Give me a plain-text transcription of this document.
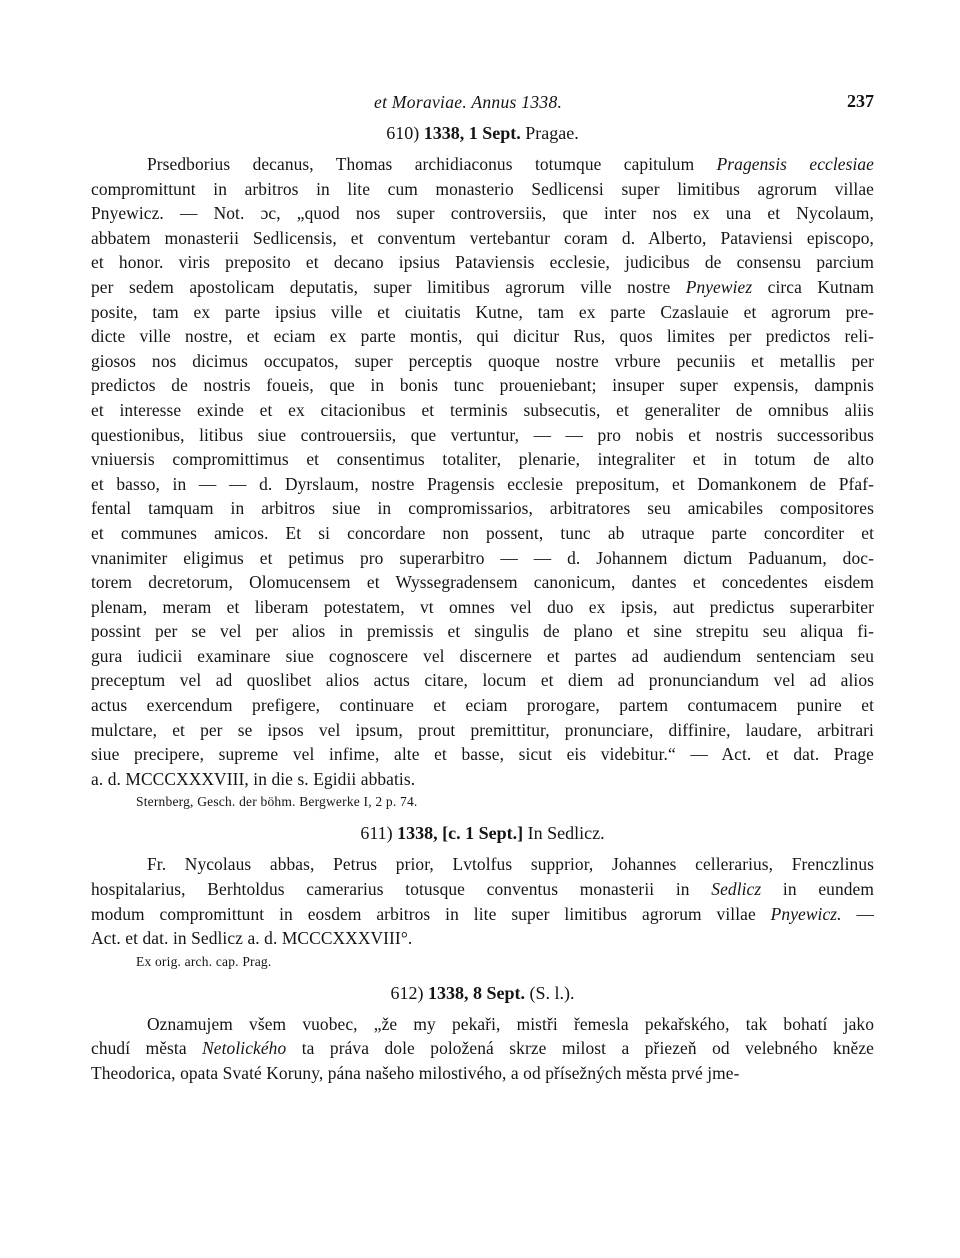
et Moraviae. Annus 1338.	237
610) 1338, 1 Sept. Pragae.
Prsedborius decanus, Thomas archidiaconus totumque capitulum Pragensis ecclesiae
compromittunt in arbitros in lite cum monasterio Sedlicensi super limitibus agrorum villae
Pnyewicz. — Not. ɔc, „quod nos super controversiis, que inter nos ex una et Nycolaum,
abbatem monasterii Sedlicensis, et conventum vertebantur coram d. Alberto, Pataviensi episcopo,
et honor. viris preposito et decano ipsius Pataviensis ecclesie, judicibus de consensu parcium
per sedem apostolicam deputatis, super limitibus agrorum ville nostre Pnyewiez circa Kutnam
posite, tam ex parte ipsius ville et ciuitatis Kutne, tam ex parte Czaslauie et agrorum pre-
dicte ville nostre, et eciam ex parte montis, qui dicitur Rus, quos limites per predictos reli-
giosos nos dicimus occupatos, super perceptis quoque nostre vrbure pecuniis et metallis per
predictos de nostris foueis, que in bonis tunc proueniebant; insuper super expensis, dampnis
et interesse exinde et ex citacionibus et terminis subsecutis, et generaliter de omnibus aliis
questionibus, litibus siue controuersiis, que vertuntur, — — pro nobis et nostris successoribus
vniuersis compromittimus et consentimus totaliter, plenarie, integraliter et in totum de alto
et basso, in — — d. Dyrslaum, nostre Pragensis ecclesie prepositum, et Domankonem de Pfaf-
fental tamquam in arbitros siue in compromissarios, arbitratores seu amicabiles compositores
et communes amicos. Et si concordare non possent, tunc ab utraque parte concorditer et
vnanimiter eligimus et petimus pro superarbitro — — d. Johannem dictum Paduanum, doc-
torem decretorum, Olomucensem et Wyssegradensem canonicum, dantes et concedentes eisdem
plenam, meram et liberam potestatem, vt omnes vel duo ex ipsis, aut predictus superarbiter
possint per se vel per alios in premissis et singulis de plano et sine strepitu seu aliqua fi-
gura iudicii examinare siue cognoscere vel discernere et partes ad audiendum sentenciam seu
preceptum vel ad quoslibet alios actus citare, locum et diem ad pronunciandum vel ad alios
actus exercendum prefigere, continuare et eciam prorogare, partem contumacem punire et
mulctare, et per se ipsos vel ipsum, prout premittitur, pronunciare, diffinire, laudare, arbitrari
siue precipere, supreme vel infime, alte et basse, sicut eis videbitur.“ — Act. et dat. Prage
a. d. MCCCXXXVIII, in die s. Egidii abbatis.
Sternberg, Gesch. der böhm. Bergwerke I, 2 p. 74.
611) 1338, [c. 1 Sept.] In Sedlicz.
Fr. Nycolaus abbas, Petrus prior, Lvtolfus supprior, Johannes cellerarius, Frenczlinus
hospitalarius, Berhtoldus camerarius totusque conventus monasterii in Sedlicz in eundem
modum compromittunt in eosdem arbitros in lite super limitibus agrorum villae Pnyewicz. —
Act. et dat. in Sedlicz a. d. MCCCXXXVIII°.
Ex orig. arch. cap. Prag.
612) 1338, 8 Sept. (S. l.).
Oznamujem všem vuobec, „že my pekaři, mistři řemesla pekařského, tak bohatí jako
chudí města Netolického ta práva dole položená skrze milost a přiezeň od velebného kněze
Theodorica, opata Svaté Koruny, pána našeho milostivého, a od přísežných města prvé jme-
